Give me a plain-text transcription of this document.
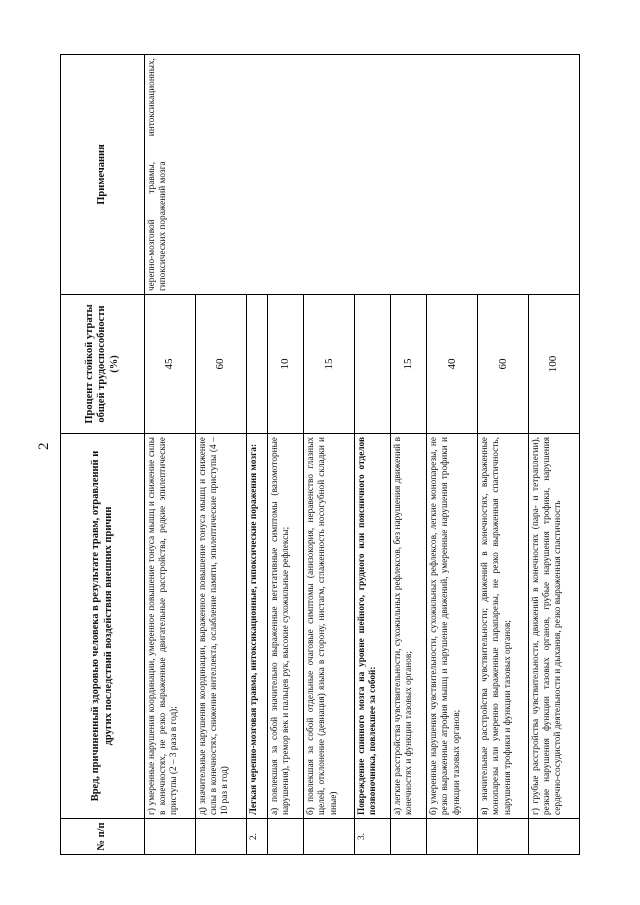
2
№ п/п	Вред, причиненный здоровью человека в результате травм, отравлений и других последствий воздействия внешних причин	Процент стойкой утраты общей трудоспособности (%)	Примечания
	г) умеренные нарушения координации, умеренное повышение тонуса мышц и снижение силы в конечностях, не резко выраженные двигательные расстройства, редкие эпилептические приступы (2 – 3 раза в год);	45	черепно-мозговой травмы, интоксикационных, гипоксических поражений мозга
	д) значительные нарушения координации, выраженное повышение тонуса мышц и снижение силы в конечностях, снижение интеллекта, ослабление памяти, эпилептические приступы (4 – 10 раз в год)	60	
2.	Легкая черепно-мозговая травма, интоксикационные, гипоксические поражения мозга:		
	а) повлекшая за собой значительно выраженные вегетативные симптомы (вазомоторные нарушения), тремор век и пальцев рук, высокие сухожильные рефлексы;	10	
	б) повлекшая за собой отдельные очаговые симптомы (анизокория, неравенство глазных щелей, отклонение (девиация) языка в сторону, нистагм, сглаженность носогубной складки и иные)	15	
3.	Повреждение спинного мозга на уровне шейного, грудного или поясничного отделов позвоночника, повлекшее за собой:		
	а) легкие расстройства чувствительности, сухожильных рефлексов, без нарушения движений в конечностях и функции тазовых органов;	15	
	б) умеренные нарушения чувствительности, сухожильных рефлексов, легкие монопарезы, не резко выраженные атрофия мышц и нарушение движений, умеренные нарушения трофики и функции тазовых органов;	40	
	в) значительные расстройства чувствительности; движений в конечностях, выраженные монопарезы или умеренно выраженные парапарезы, не резко выраженная спастичность, нарушения трофики и функции тазовых органов;	60	
	г) грубые расстройства чувствительности, движений в конечностях (пара- и тетраплегии), резкие нарушения функции тазовых органов, грубые нарушения трофики, нарушения сердечно-сосудистой деятельности и дыхания, резко выраженная спастичность	100	
